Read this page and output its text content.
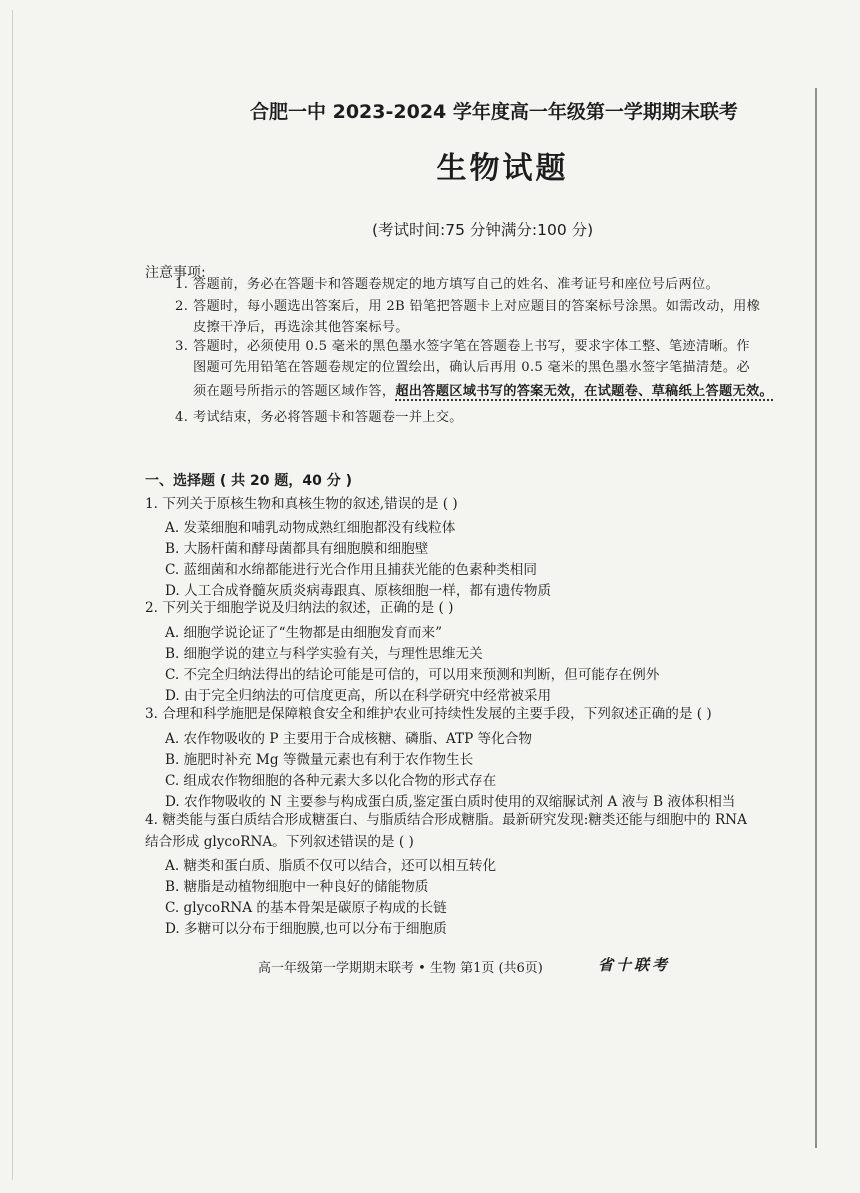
合肥一中 2023-2024 学年度高一年级第一学期期末联考
生物试题
(考试时间:75 分钟满分:100 分)
注意事项:
1. 答题前，务必在答题卡和答题卷规定的地方填写自己的姓名、准考证号和座位号后两位。
2. 答题时，每小题选出答案后，用 2B 铅笔把答题卡上对应题目的答案标号涂黑。如需改动，用橡
皮擦干净后，再选涂其他答案标号。
3. 答题时，必须使用 0.5 毫米的黑色墨水签字笔在答题卷上书写，要求字体工整、笔迹清晰。作
图题可先用铅笔在答题卷规定的位置绘出，确认后再用 0.5 毫米的黑色墨水签字笔描清楚。必
须在题号所指示的答题区域作答，超出答题区域书写的答案无效，在试题卷、草稿纸上答题无效。
4. 考试结束，务必将答题卡和答题卷一并上交。
一、选择题 ( 共 20 题，40 分 )
1. 下列关于原核生物和真核生物的叙述,错误的是 ( )
A. 发菜细胞和哺乳动物成熟红细胞都没有线粒体
B. 大肠杆菌和酵母菌都具有细胞膜和细胞壁
C. 蓝细菌和水绵都能进行光合作用且捕获光能的色素种类相同
D. 人工合成脊髓灰质炎病毒跟真、原核细胞一样，都有遗传物质
2. 下列关于细胞学说及归纳法的叙述，正确的是 ( )
A. 细胞学说论证了“生物都是由细胞发育而来”
B. 细胞学说的建立与科学实验有关，与理性思维无关
C. 不完全归纳法得出的结论可能是可信的，可以用来预测和判断，但可能存在例外
D. 由于完全归纳法的可信度更高，所以在科学研究中经常被采用
3. 合理和科学施肥是保障粮食安全和维护农业可持续性发展的主要手段，下列叙述正确的是 ( )
A. 农作物吸收的 P 主要用于合成核糖、磷脂、ATP 等化合物
B. 施肥时补充 Mg 等微量元素也有利于农作物生长
C. 组成农作物细胞的各种元素大多以化合物的形式存在
D. 农作物吸收的 N 主要参与构成蛋白质,鉴定蛋白质时使用的双缩脲试剂 A 液与 B 液体积相当
4. 糖类能与蛋白质结合形成糖蛋白、与脂质结合形成糖脂。最新研究发现:糖类还能与细胞中的 RNA
结合形成 glycoRNA。下列叙述错误的是 ( )
A. 糖类和蛋白质、脂质不仅可以结合，还可以相互转化
B. 糖脂是动植物细胞中一种良好的储能物质
C. glycoRNA 的基本骨架是碳原子构成的长链
D. 多糖可以分布于细胞膜,也可以分布于细胞质
高一年级第一学期期末联考 • 生物 第1页 (共6页)	省十联考
